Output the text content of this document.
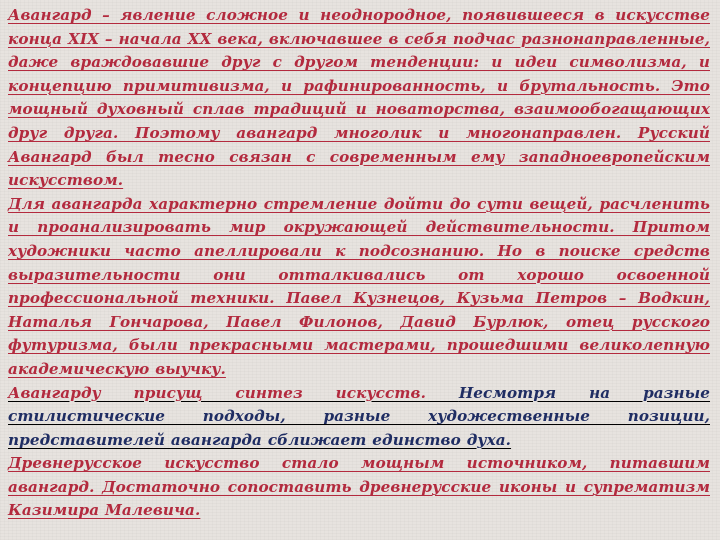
Авангард – явление сложное и неоднородное, появившееся в искусстве конца XIX – начала XX века, включавшее в себя подчас разнонаправленные, даже враждовавшие друг с другом тенденции: и идеи символизма, и концепцию примитивизма, и рафинированность, и брутальность. Это мощный духовный сплав традиций и новаторства, взаимообогащающих друг друга. Поэтому авангард многолик и многонаправлен. Русский Авангард был тесно связан с современным ему западноевропейским искусством.

Для авангарда характерно стремление дойти до сути вещей, расчленить и проанализировать мир окружающей действительности. Притом художники часто апеллировали к подсознанию. Но в поиске средств выразительности они отталкивались от хорошо освоенной профессиональной техники. Павел Кузнецов, Кузьма Петров – Водкин, Наталья Гончарова, Павел Филонов, Давид Бурлюк, отец русского футуризма, были прекрасными мастерами, прошедшими великолепную академическую выучку.

Авангарду присущ синтез искусств. Несмотря на разные стилистические подходы, разные художественные позиции, представителей авангарда сближает единство духа.

Древнерусское искусство стало мощным источником, питавшим авангард. Достаточно сопоставить древнерусские иконы и супрематизм Казимира Малевича.
